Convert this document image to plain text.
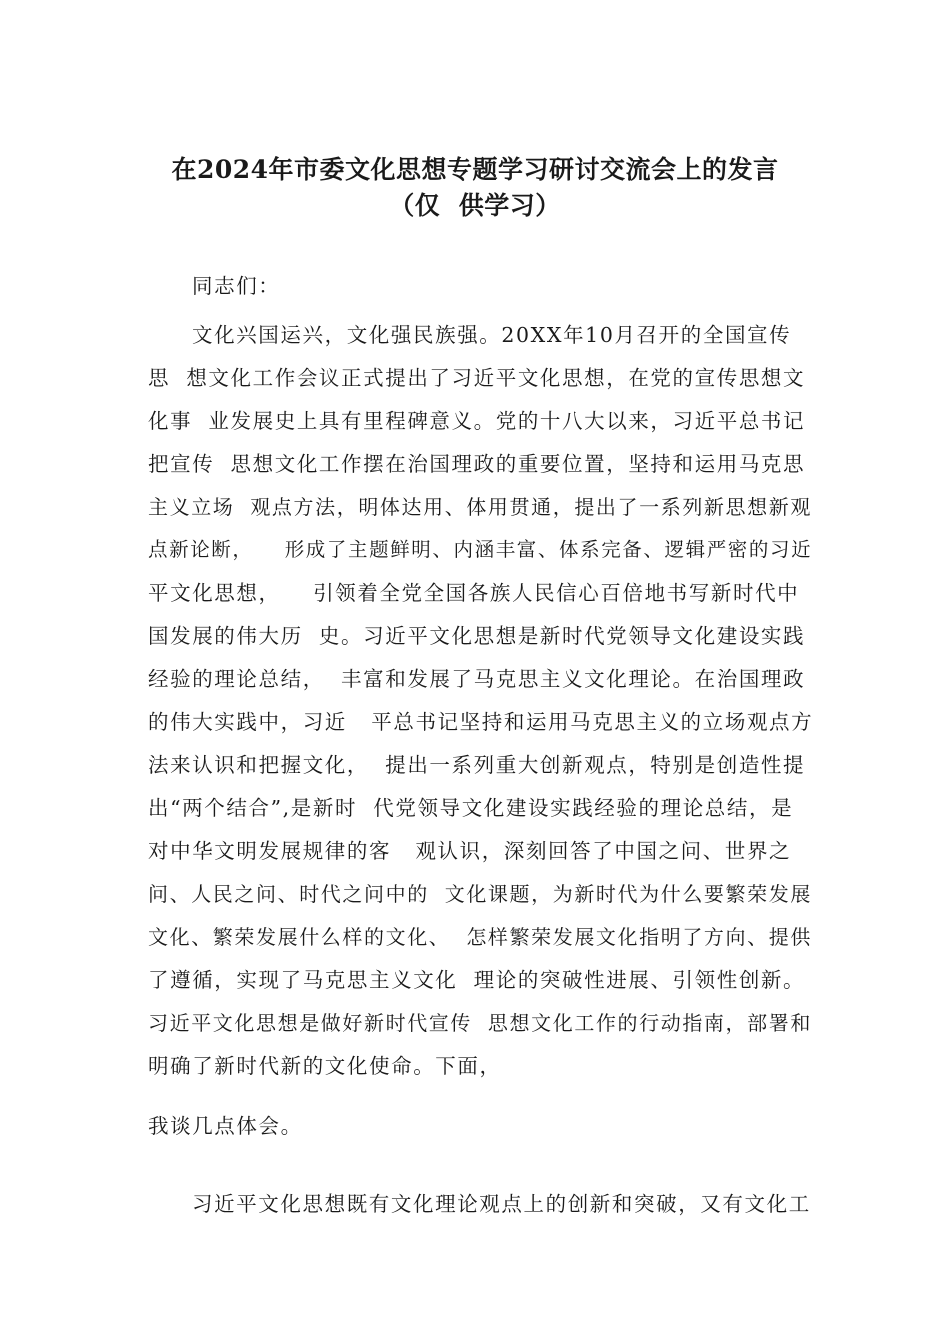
在2024年市委文化思想专题学习研讨交流会上的发言
（仅  供学习）

同志们：

文化兴国运兴，文化强民族强。20XX年10月召开的全国宣传

思  想文化工作会议正式提出了习近平文化思想，在党的宣传思想文

化事  业发展史上具有里程碑意义。党的十八大以来，习近平总书记

把宣传  思想文化工作摆在治国理政的重要位置，坚持和运用马克思

主义立场  观点方法，明体达用、体用贯通，提出了一系列新思想新观

点新论断，    形成了主题鲜明、内涵丰富、体系完备、逻辑严密的习近

平文化思想，    引领着全党全国各族人民信心百倍地书写新时代中

国发展的伟大历  史。习近平文化思想是新时代党领导文化建设实践

经验的理论总结，  丰富和发展了马克思主义文化理论。在治国理政

的伟大实践中，习近   平总书记坚持和运用马克思主义的立场观点方

法来认识和把握文化，  提出一系列重大创新观点，特别是创造性提

出“两个结合”,是新时  代党领导文化建设实践经验的理论总结，是

对中华文明发展规律的客   观认识，深刻回答了中国之问、世界之

问、人民之问、时代之问中的  文化课题，为新时代为什么要繁荣发展

文化、繁荣发展什么样的文化、  怎样繁荣发展文化指明了方向、提供

了遵循，实现了马克思主义文化  理论的突破性进展、引领性创新。

习近平文化思想是做好新时代宣传  思想文化工作的行动指南，部署和

明确了新时代新的文化使命。下面，

我谈几点体会。

习近平文化思想既有文化理论观点上的创新和突破，又有文化工
